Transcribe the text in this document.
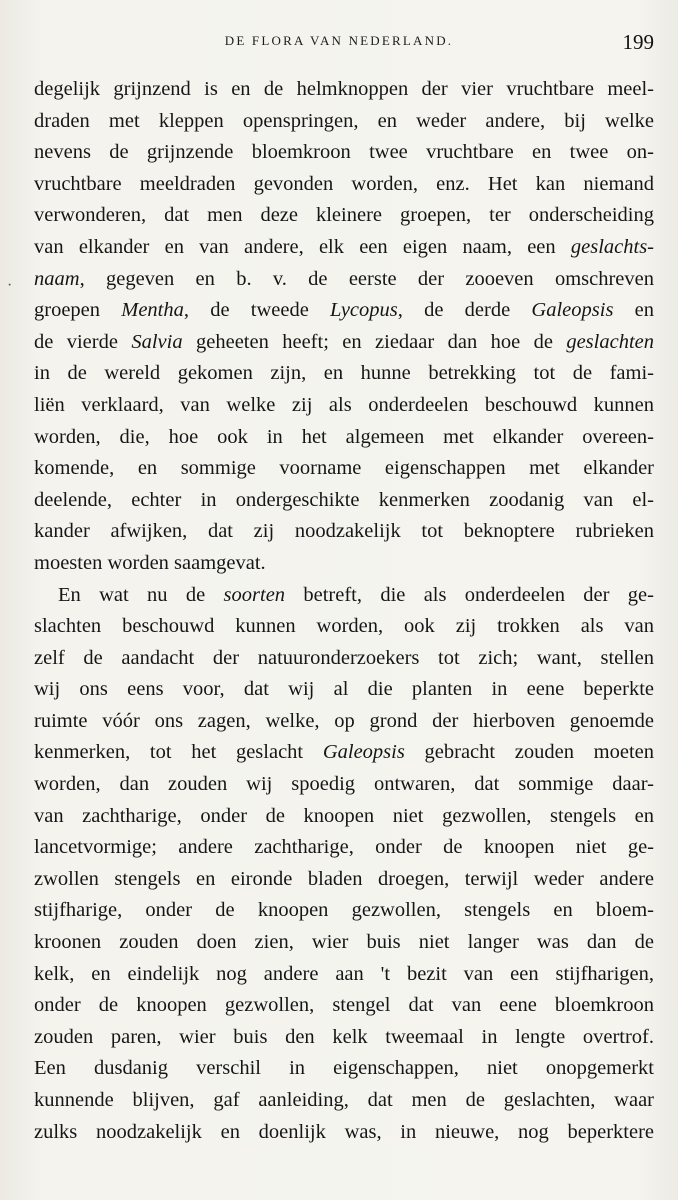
DE FLORA VAN NEDERLAND.	199
·
degelijk grijnzend is en de helmknoppen der vier vruchtbare meel-
draden met kleppen openspringen, en weder andere, bij welke
nevens de grijnzende bloemkroon twee vruchtbare en twee on-
vruchtbare meeldraden gevonden worden, enz. Het kan niemand
verwonderen, dat men deze kleinere groepen, ter onderscheiding
van elkander en van andere, elk een eigen naam, een geslachts-
naam, gegeven en b. v. de eerste der zooeven omschreven
groepen Mentha, de tweede Lycopus, de derde Galeopsis en
de vierde Salvia geheeten heeft; en ziedaar dan hoe de geslachten
in de wereld gekomen zijn, en hunne betrekking tot de fami-
liën verklaard, van welke zij als onderdeelen beschouwd kunnen
worden, die, hoe ook in het algemeen met elkander overeen-
komende, en sommige voorname eigenschappen met elkander
deelende, echter in ondergeschikte kenmerken zoodanig van el-
kander afwijken, dat zij noodzakelijk tot beknoptere rubrieken
moesten worden saamgevat.
En wat nu de soorten betreft, die als onderdeelen der ge-
slachten beschouwd kunnen worden, ook zij trokken als van
zelf de aandacht der natuuronderzoekers tot zich; want, stellen
wij ons eens voor, dat wij al die planten in eene beperkte
ruimte vóór ons zagen, welke, op grond der hierboven genoemde
kenmerken, tot het geslacht Galeopsis gebracht zouden moeten
worden, dan zouden wij spoedig ontwaren, dat sommige daar-
van zachtharige, onder de knoopen niet gezwollen, stengels en
lancetvormige; andere zachtharige, onder de knoopen niet ge-
zwollen stengels en eironde bladen droegen, terwijl weder andere
stijfharige, onder de knoopen gezwollen, stengels en bloem-
kroonen zouden doen zien, wier buis niet langer was dan de
kelk, en eindelijk nog andere aan 't bezit van een stijfharigen,
onder de knoopen gezwollen, stengel dat van eene bloemkroon
zouden paren, wier buis den kelk tweemaal in lengte overtrof.
Een dusdanig verschil in eigenschappen, niet onopgemerkt
kunnende blijven, gaf aanleiding, dat men de geslachten, waar
zulks noodzakelijk en doenlijk was, in nieuwe, nog beperktere
